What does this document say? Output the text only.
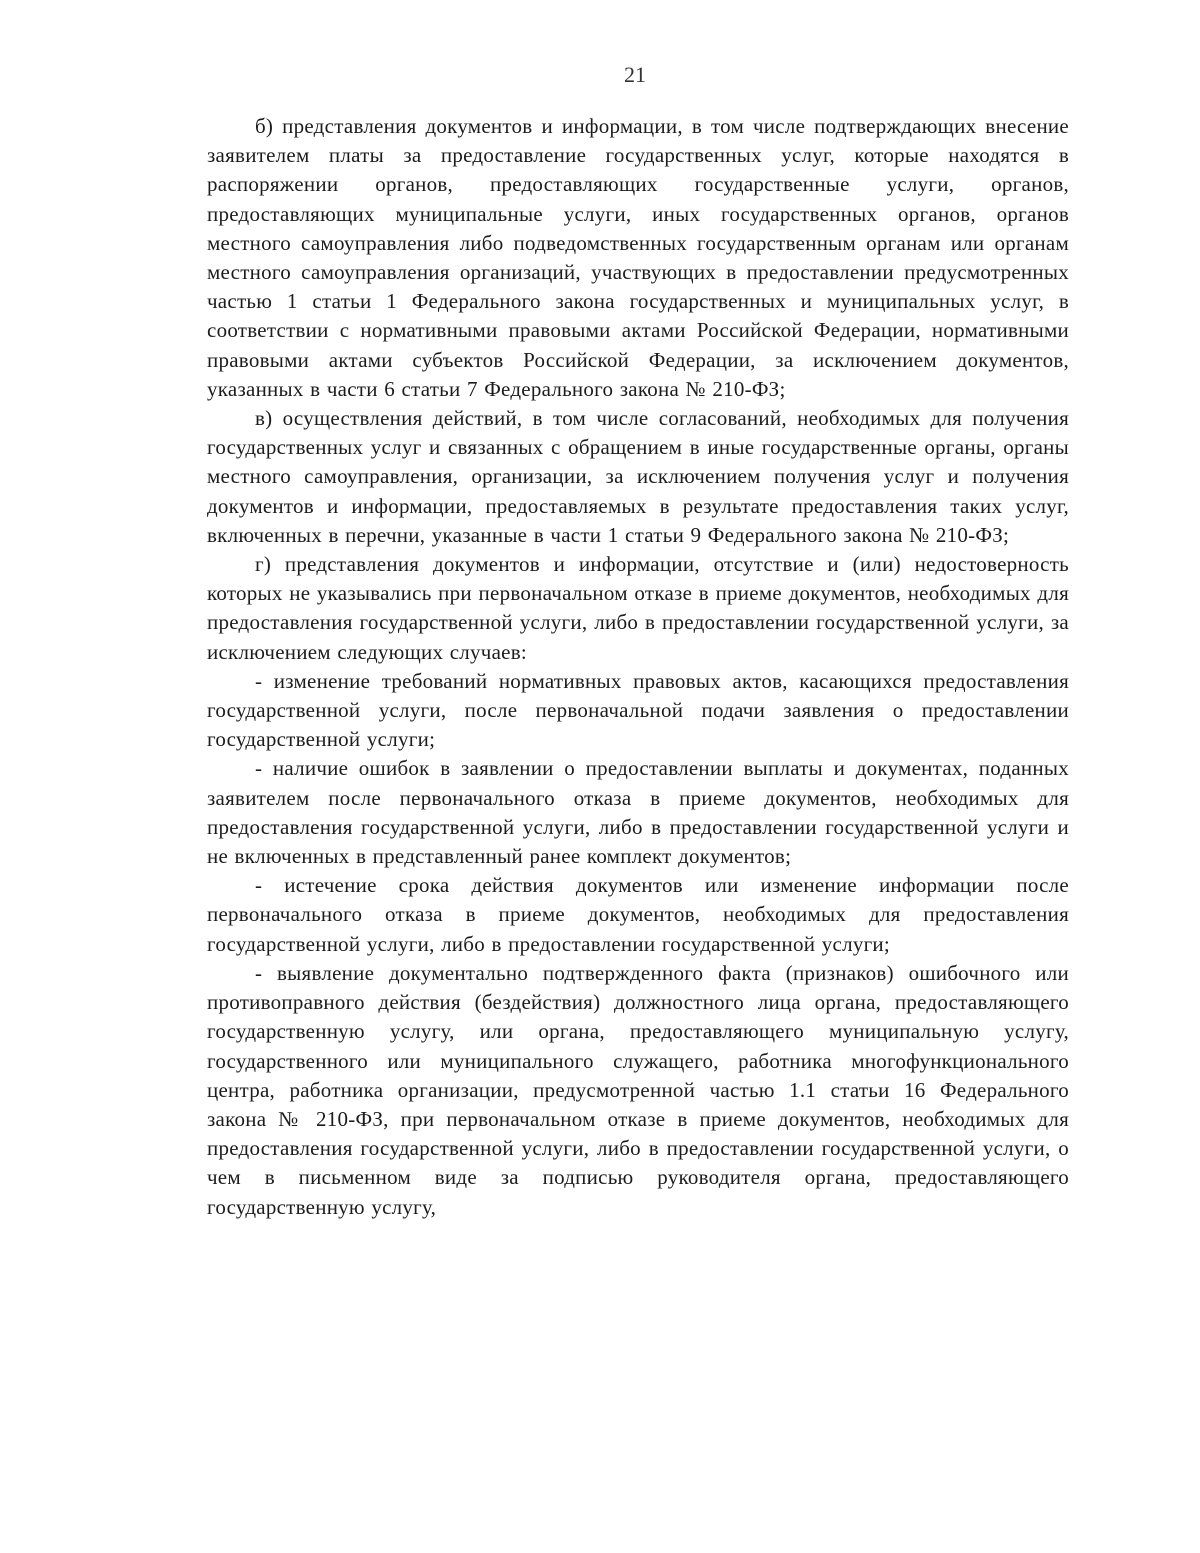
21

б) представления документов и информации, в том числе подтверждающих внесение заявителем платы за предоставление государственных услуг, которые находятся в распоряжении органов, предоставляющих государственные услуги, органов, предоставляющих муниципальные услуги, иных государственных органов, органов местного самоуправления либо подведомственных государственным органам или органам местного самоуправления организаций, участвующих в предоставлении предусмотренных частью 1 статьи 1 Федерального закона государственных и муниципальных услуг, в соответствии с нормативными правовыми актами Российской Федерации, нормативными правовыми актами субъектов Российской Федерации, за исключением документов, указанных в части 6 статьи 7 Федерального закона № 210-ФЗ;

в) осуществления действий, в том числе согласований, необходимых для получения государственных услуг и связанных с обращением в иные государственные органы, органы местного самоуправления, организации, за исключением получения услуг и получения документов и информации, предоставляемых в результате предоставления таких услуг, включенных в перечни, указанные в части 1 статьи 9 Федерального закона № 210-ФЗ;

г) представления документов и информации, отсутствие и (или) недостоверность которых не указывались при первоначальном отказе в приеме документов, необходимых для предоставления государственной услуги, либо в предоставлении государственной услуги, за исключением следующих случаев:

- изменение требований нормативных правовых актов, касающихся предоставления государственной услуги, после первоначальной подачи заявления о предоставлении государственной услуги;

- наличие ошибок в заявлении о предоставлении выплаты и документах, поданных заявителем после первоначального отказа в приеме документов, необходимых для предоставления государственной услуги, либо в предоставлении государственной услуги и не включенных в представленный ранее комплект документов;

- истечение срока действия документов или изменение информации после первоначального отказа в приеме документов, необходимых для предоставления государственной услуги, либо в предоставлении государственной услуги;

- выявление документально подтвержденного факта (признаков) ошибочного или противоправного действия (бездействия) должностного лица органа, предоставляющего государственную услугу, или органа, предоставляющего муниципальную услугу, государственного или муниципального служащего, работника многофункционального центра, работника организации, предусмотренной частью 1.1 статьи 16 Федерального закона № 210-ФЗ, при первоначальном отказе в приеме документов, необходимых для предоставления государственной услуги, либо в предоставлении государственной услуги, о чем в письменном виде за подписью руководителя органа, предоставляющего государственную услугу,
